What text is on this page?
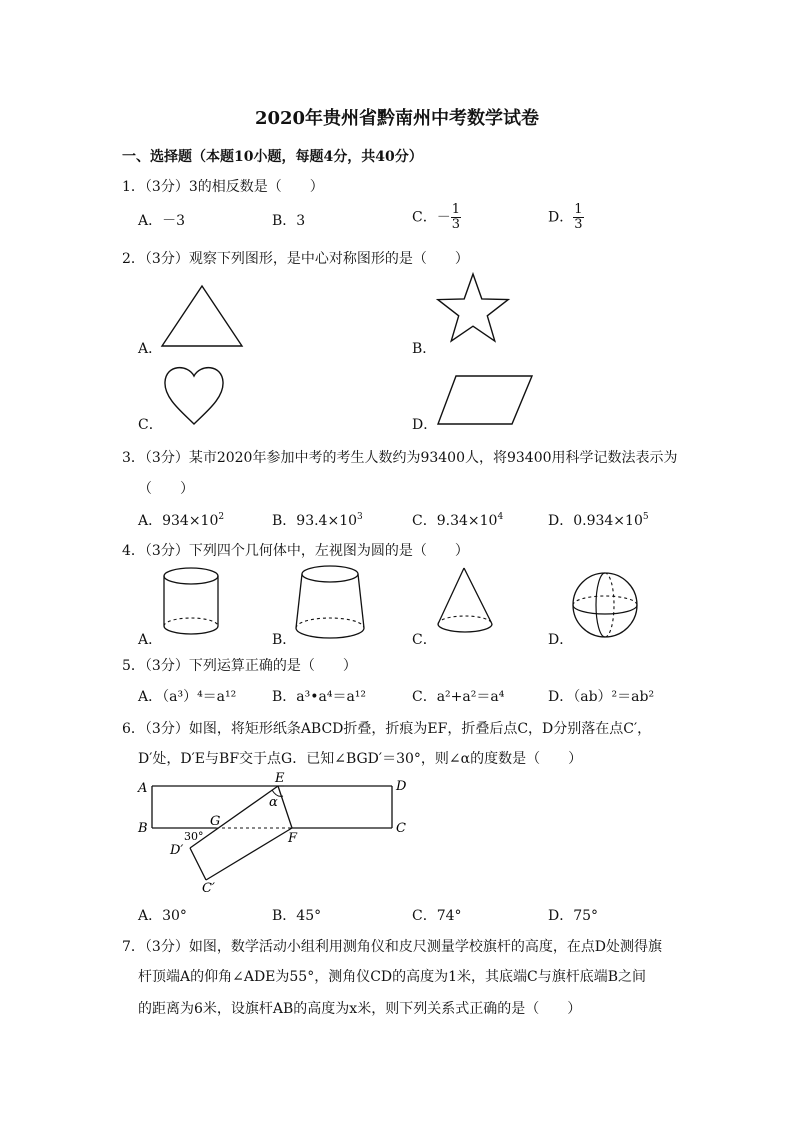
2020年贵州省黔南州中考数学试卷
一、选择题（本题10小题，每题4分，共40分）
1．（3分）3的相反数是（　　）
A．－3	B．3	C．－ $\frac{1}{3}$	D． $\frac{1}{3}$
2．（3分）观察下列图形，是中心对称图形的是（　　）
A．	B．
C．	D．
3．（3分）某市2020年参加中考的考生人数约为93400人，将93400用科学记数法表示为
（　　）
A．$934\times 10^2$	B．$93.4\times 10^3$	C．$9.34\times 10^4$	D．$0.934\times 10^5$
4．（3分）下列四个几何体中，左视图为圆的是（　　）
A．	B．	C．	D．
5．（3分）下列运算正确的是（　　）
A．（a³）⁴＝a¹²	B．a³•a⁴＝a¹²	C．a²+a²＝a⁴	D．（ab）²＝ab²
6．（3分）如图，将矩形纸条ABCD折叠，折痕为EF，折叠后点C，D分别落在点C′，
D′处，D′E与BF交于点G．已知∠BGD′＝30°，则∠α的度数是（　　）
A
B	C
D
E
F
G
D′
C′
α
30°
A．30°	B．45°	C．74°	D．75°
7．（3分）如图，数学活动小组利用测角仪和皮尺测量学校旗杆的高度，在点D处测得旗
杆顶端A的仰角∠ADE为55°，测角仪CD的高度为1米，其底端C与旗杆底端B之间
的距离为6米，设旗杆AB的高度为x米，则下列关系式正确的是（　　）
